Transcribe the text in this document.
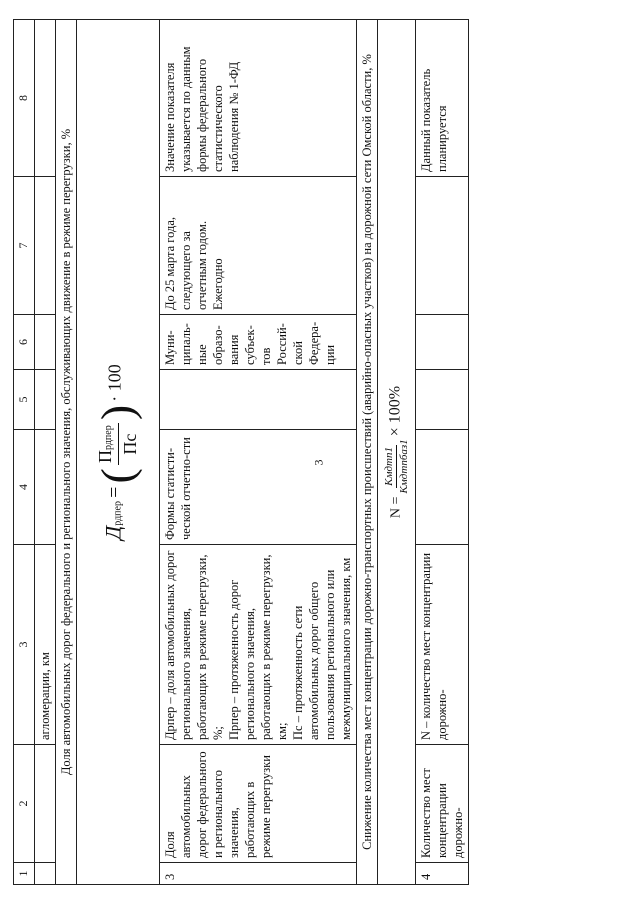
3
1	2	3	4	5	6	7	8
		агломерации, км					
Доля автомобильных дорог федерального и регионального значения, обслуживающих движение в режиме перегрузки, %							
Дрдпер = (
Прдпер Пс
) · 100							
3	Доля автомобильных дорог федерального и регионального значения, работающих в режиме перегрузки	Дрпер – доля автомобильных дорог регионального значения, работающих в режиме перегрузки, %; Прпер – протяженность дорог регионального значения, работающих в режиме перегрузки, км; Пс – протяженность сети автомобильных дорог общего пользования регионального или межмуниципального значения, км	Формы статисти-ческой отчетно-сти		Муни-ципаль-ные образо-вания субъек-тов Россий-ской Федера-ции	До 25 марта года, следующего за отчетным годом. Ежегодно	Значение показателя указывается по данным формы федерального статистического наблюдения № 1-ФД
Снижение количества мест концентрации дорожно-транспортных происшествий (аварийно-опасных участков) на дорожной сети Омской области, %							
N =
Кмдтп1 Кмдтпбаз1
× 100%							
4	Количество мест концентрации дорожно-	N – количество мест концентрации дорожно-					Данный показатель планируется
